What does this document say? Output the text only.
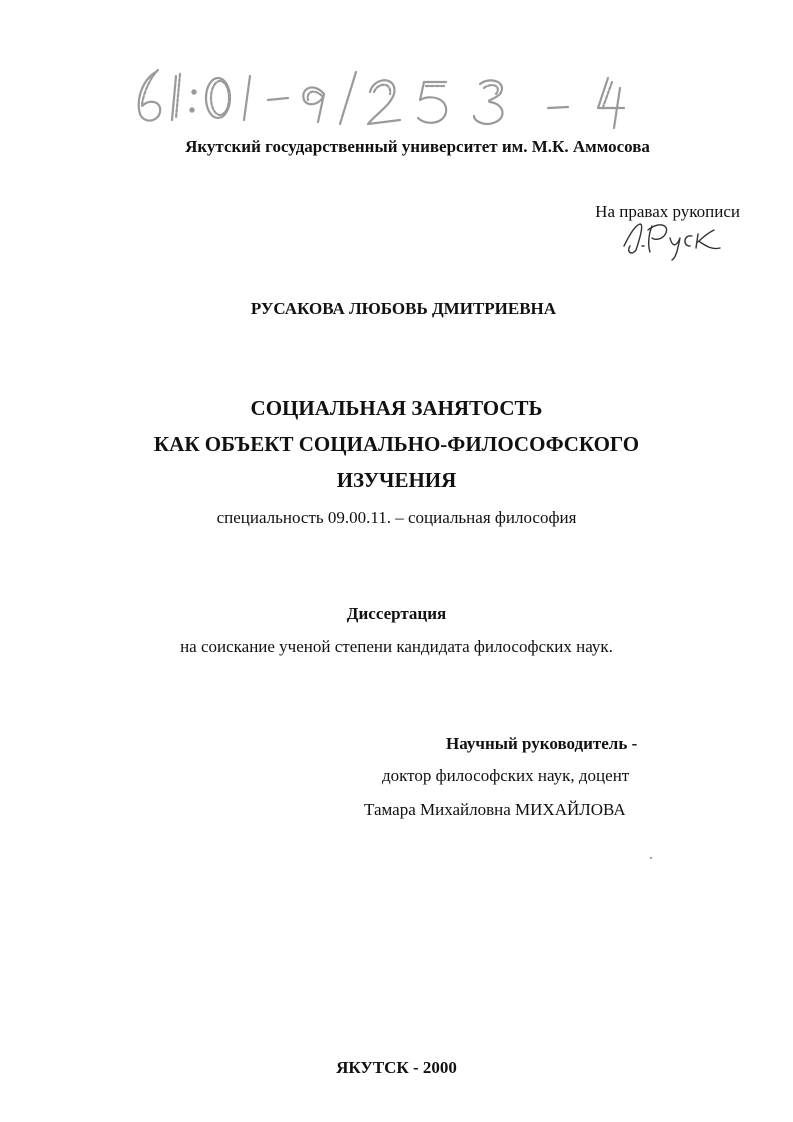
Якутский государственный университет им. М.К. Аммосова
На правах рукописи
РУСАКОВА ЛЮБОВЬ ДМИТРИЕВНА
СОЦИАЛЬНАЯ ЗАНЯТОСТЬ
КАК ОБЪЕКТ СОЦИАЛЬНО-ФИЛОСОФСКОГО
ИЗУЧЕНИЯ
специальность 09.00.11. – социальная философия
Диссертация
на соискание ученой степени кандидата философских наук.
Научный руководитель -
доктор философских наук, доцент
Тамара Михайловна МИХАЙЛОВА
ЯКУТСК - 2000
